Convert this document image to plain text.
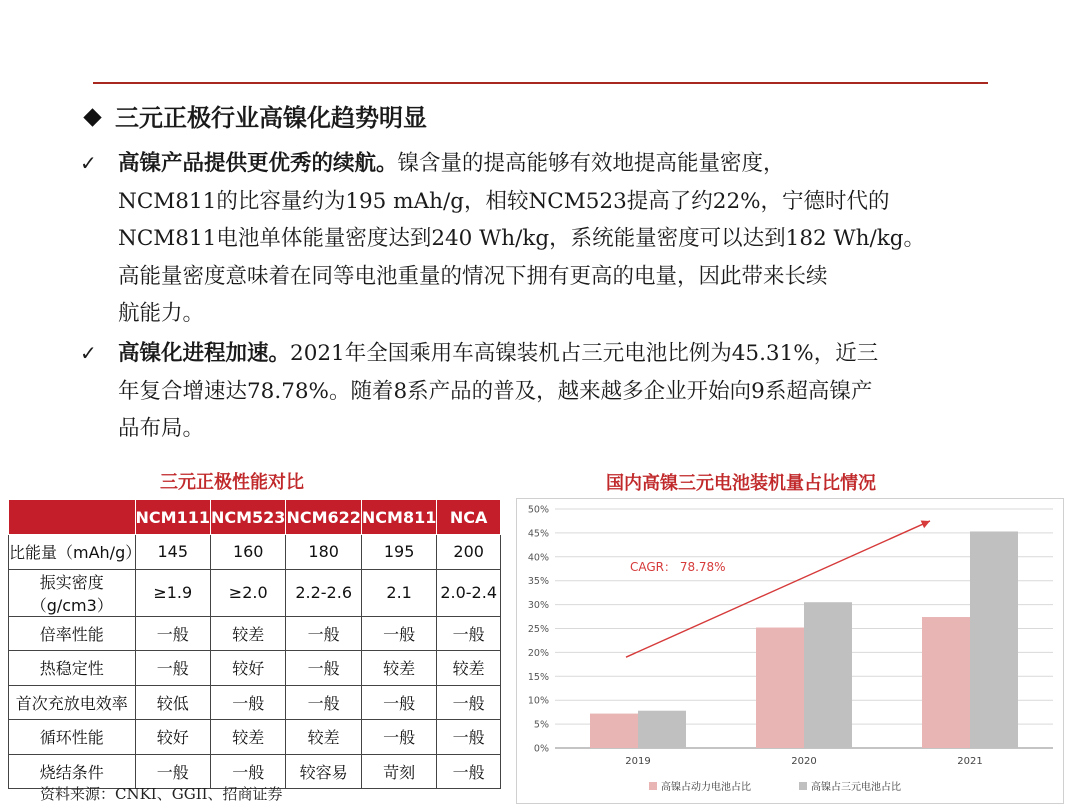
三元正极行业高镍化趋势明显
✓ 高镍产品提供更优秀的续航。镍含量的提高能够有效地提高能量密度，
NCM811的比容量约为195 mAh/g，相较NCM523提高了约22%，宁德时代的
NCM811电池单体能量密度达到240 Wh/kg，系统能量密度可以达到182 Wh/kg。
高能量密度意味着在同等电池重量的情况下拥有更高的电量，因此带来长续
航能力。
✓ 高镍化进程加速。2021年全国乘用车高镍装机占三元电池比例为45.31%，近三
年复合增速达78.78%。随着8系产品的普及，越来越多企业开始向9系超高镍产
品布局。
三元正极性能对比	国内高镍三元电池装机量占比情况
	NCM111	NCM523	NCM622	NCM811	NCA
比能量（mAh/g）	145	160	180	195	200
振实密度（g/cm3）	≥1.9	≥2.0	2.2-2.6	2.1	2.0-2.4
倍率性能	一般	较差	一般	一般	一般
热稳定性	一般	较好	一般	较差	较差
首次充放电效率	较低	一般	一般	一般	一般
循环性能	较好	较差	较差	一般	一般
烧结条件	一般	一般	较容易	苛刻	一般
资料来源：CNKI、GGII、招商证券
0%
5%
10%
15%
20%
25%
30%
35%
40%
45%
50%
2019	2020	2021
CAGR： 78.78%
高镍占动力电池占比	高镍占三元电池占比
